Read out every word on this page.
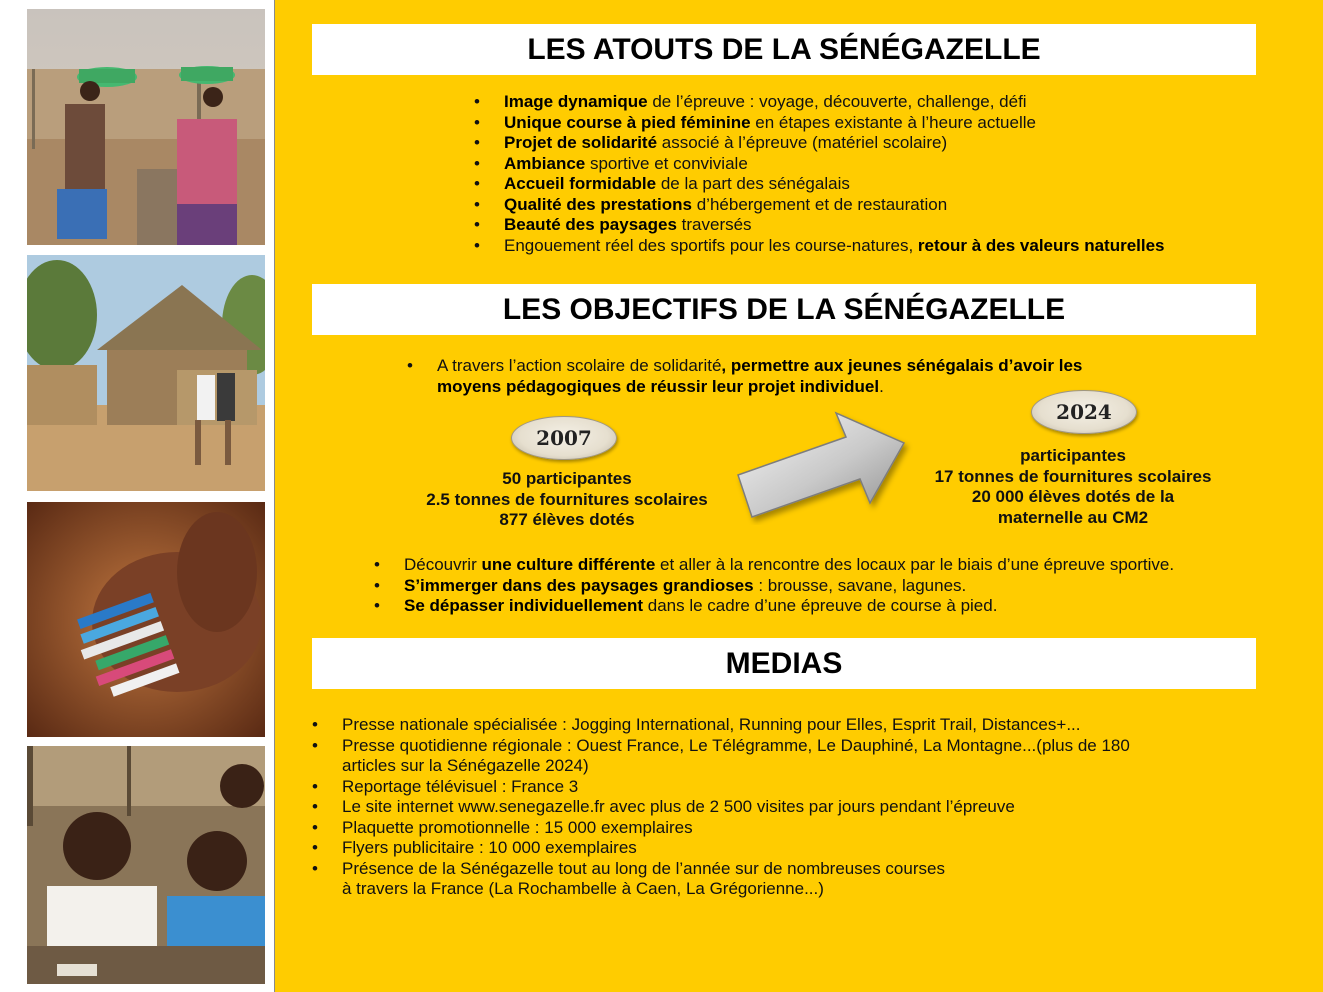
LES ATOUTS DE LA SÉNÉGAZELLE
• Image dynamique de l’épreuve : voyage, découverte, challenge, défi
• Unique course à pied féminine en étapes existante à l’heure actuelle
• Projet de solidarité associé à l’épreuve (matériel scolaire)
• Ambiance sportive et conviviale
• Accueil formidable de la part des sénégalais
• Qualité des prestations d’hébergement et de restauration
• Beauté des paysages traversés
• Engouement réel des sportifs pour les course-natures, retour à des valeurs naturelles
LES OBJECTIFS DE LA SÉNÉGAZELLE
• A travers l’action scolaire de solidarité, permettre aux jeunes sénégalais d’avoir les moyens pédagogiques de réussir leur projet individuel.
2007
50 participantes
2.5 tonnes de fournitures scolaires
877 élèves dotés
2024
participantes
17 tonnes de fournitures scolaires
20 000 élèves dotés de la
maternelle au CM2
• Découvrir une culture différente et aller à la rencontre des locaux par le biais d’une épreuve sportive.
• S’immerger dans des paysages grandioses : brousse, savane, lagunes.
• Se dépasser individuellement dans le cadre d’une épreuve de course à pied.
MEDIAS
• Presse nationale spécialisée : Jogging International, Running pour Elles, Esprit Trail, Distances+...
• Presse quotidienne régionale : Ouest France, Le Télégramme, Le Dauphiné, La Montagne...(plus de 180 articles sur la Sénégazelle 2024)
• Reportage télévisuel : France 3
• Le site internet www.senegazelle.fr avec plus de 2 500 visites par jours pendant l’épreuve
• Plaquette promotionnelle : 15 000 exemplaires
• Flyers publicitaire : 10 000 exemplaires
• Présence de la Sénégazelle tout au long de l’année sur de nombreuses courses
à travers la France (La Rochambelle à Caen, La Grégorienne...)
